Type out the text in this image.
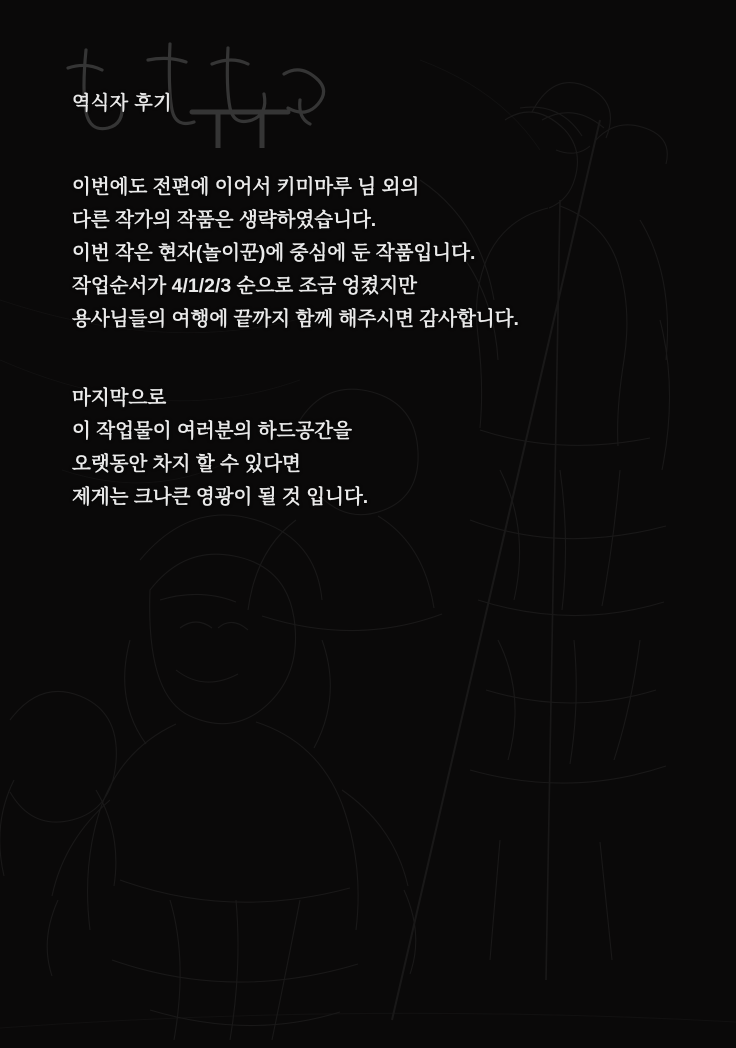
역식자 후기
이번에도 전편에 이어서 키미마루 님 외의
다른 작가의 작품은 생략하였습니다.
이번 작은 현자(놀이꾼)에 중심에 둔 작품입니다.
작업순서가 4/1/2/3 순으로 조금 엉켰지만
용사님들의 여행에 끝까지 함께 해주시면 감사합니다.
마지막으로
이 작업물이 여러분의 하드공간을
오랫동안 차지 할 수 있다면
제게는 크나큰 영광이 될 것 입니다.
